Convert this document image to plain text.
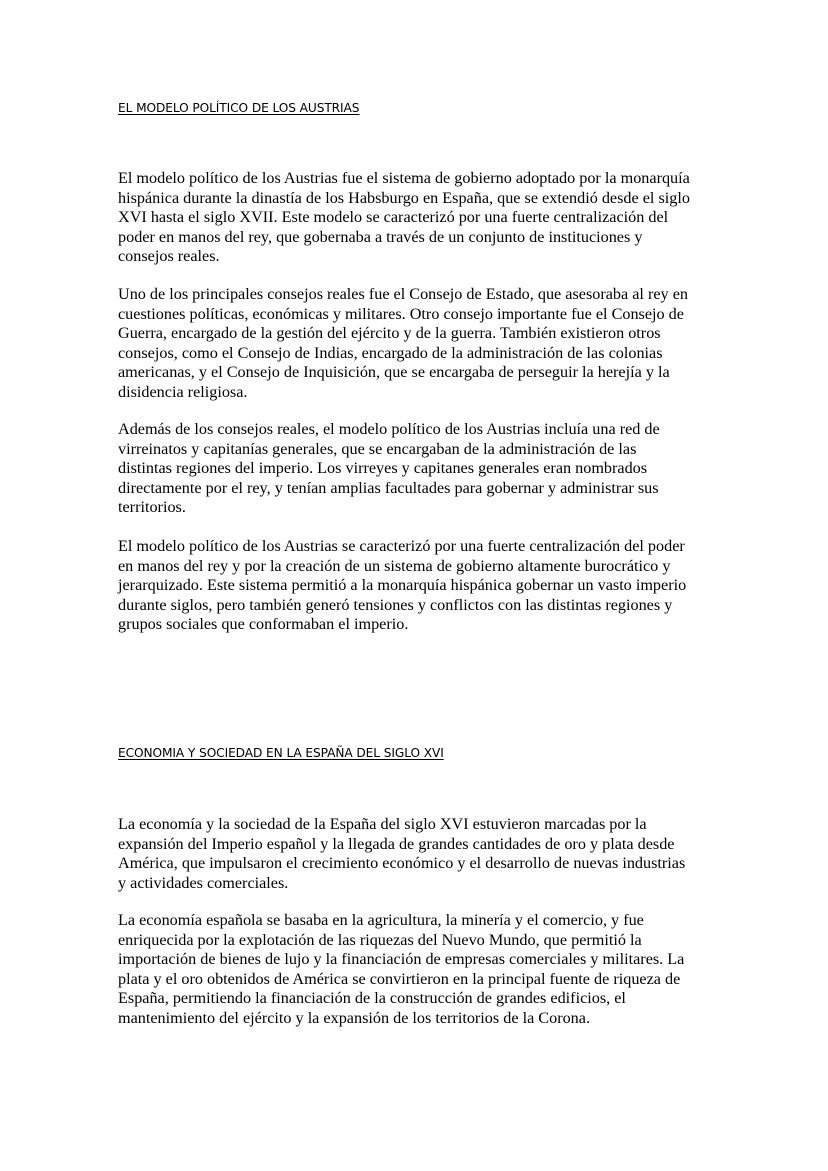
EL MODELO POLÍTICO DE LOS AUSTRIAS

El modelo político de los Austrias fue el sistema de gobierno adoptado por la monarquía
hispánica durante la dinastía de los Habsburgo en España, que se extendió desde el siglo
XVI hasta el siglo XVII. Este modelo se caracterizó por una fuerte centralización del
poder en manos del rey, que gobernaba a través de un conjunto de instituciones y
consejos reales.

Uno de los principales consejos reales fue el Consejo de Estado, que asesoraba al rey en
cuestiones políticas, económicas y militares. Otro consejo importante fue el Consejo de
Guerra, encargado de la gestión del ejército y de la guerra. También existieron otros
consejos, como el Consejo de Indias, encargado de la administración de las colonias
americanas, y el Consejo de Inquisición, que se encargaba de perseguir la herejía y la
disidencia religiosa.

Además de los consejos reales, el modelo político de los Austrias incluía una red de
virreinatos y capitanías generales, que se encargaban de la administración de las
distintas regiones del imperio. Los virreyes y capitanes generales eran nombrados
directamente por el rey, y tenían amplias facultades para gobernar y administrar sus
territorios.

El modelo político de los Austrias se caracterizó por una fuerte centralización del poder
en manos del rey y por la creación de un sistema de gobierno altamente burocrático y
jerarquizado. Este sistema permitió a la monarquía hispánica gobernar un vasto imperio
durante siglos, pero también generó tensiones y conflictos con las distintas regiones y
grupos sociales que conformaban el imperio.

ECONOMIA Y SOCIEDAD EN LA ESPAÑA DEL SIGLO XVI

La economía y la sociedad de la España del siglo XVI estuvieron marcadas por la
expansión del Imperio español y la llegada de grandes cantidades de oro y plata desde
América, que impulsaron el crecimiento económico y el desarrollo de nuevas industrias
y actividades comerciales.

La economía española se basaba en la agricultura, la minería y el comercio, y fue
enriquecida por la explotación de las riquezas del Nuevo Mundo, que permitió la
importación de bienes de lujo y la financiación de empresas comerciales y militares. La
plata y el oro obtenidos de América se convirtieron en la principal fuente de riqueza de
España, permitiendo la financiación de la construcción de grandes edificios, el
mantenimiento del ejército y la expansión de los territorios de la Corona.
